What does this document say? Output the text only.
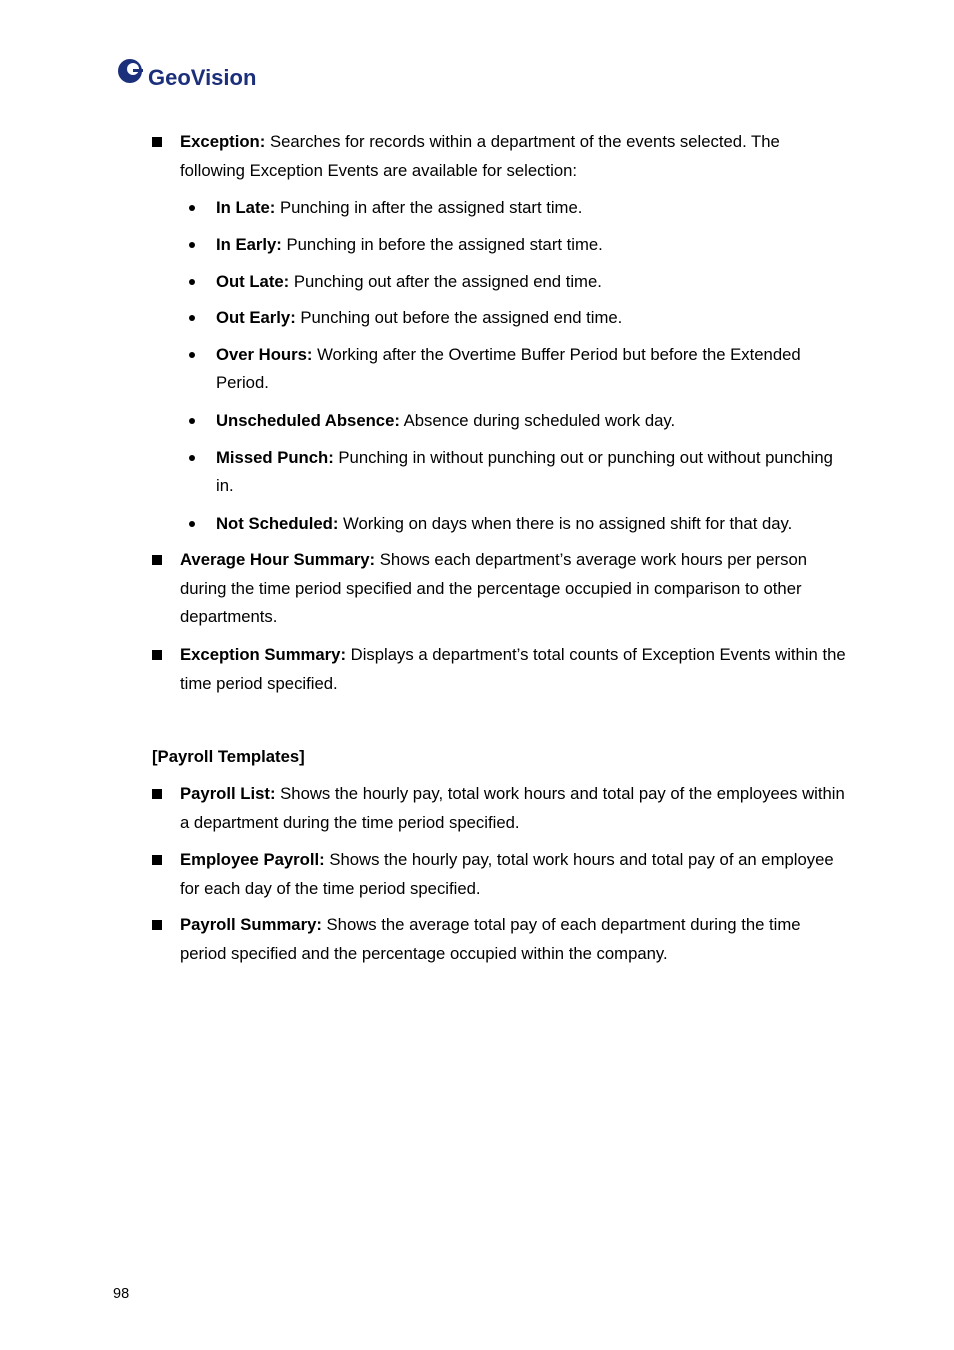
GeoVision
Exception: Searches for records within a department of the events selected. The following Exception Events are available for selection:
In Late: Punching in after the assigned start time.
In Early: Punching in before the assigned start time.
Out Late: Punching out after the assigned end time.
Out Early: Punching out before the assigned end time.
Over Hours: Working after the Overtime Buffer Period but before the Extended Period.
Unscheduled Absence: Absence during scheduled work day.
Missed Punch: Punching in without punching out or punching out without punching in.
Not Scheduled: Working on days when there is no assigned shift for that day.
Average Hour Summary: Shows each department’s average work hours per person during the time period specified and the percentage occupied in comparison to other departments.
Exception Summary: Displays a department’s total counts of Exception Events within the time period specified.
[Payroll Templates]
Payroll List: Shows the hourly pay, total work hours and total pay of the employees within a department during the time period specified.
Employee Payroll: Shows the hourly pay, total work hours and total pay of an employee for each day of the time period specified.
Payroll Summary: Shows the average total pay of each department during the time period specified and the percentage occupied within the company.
98
